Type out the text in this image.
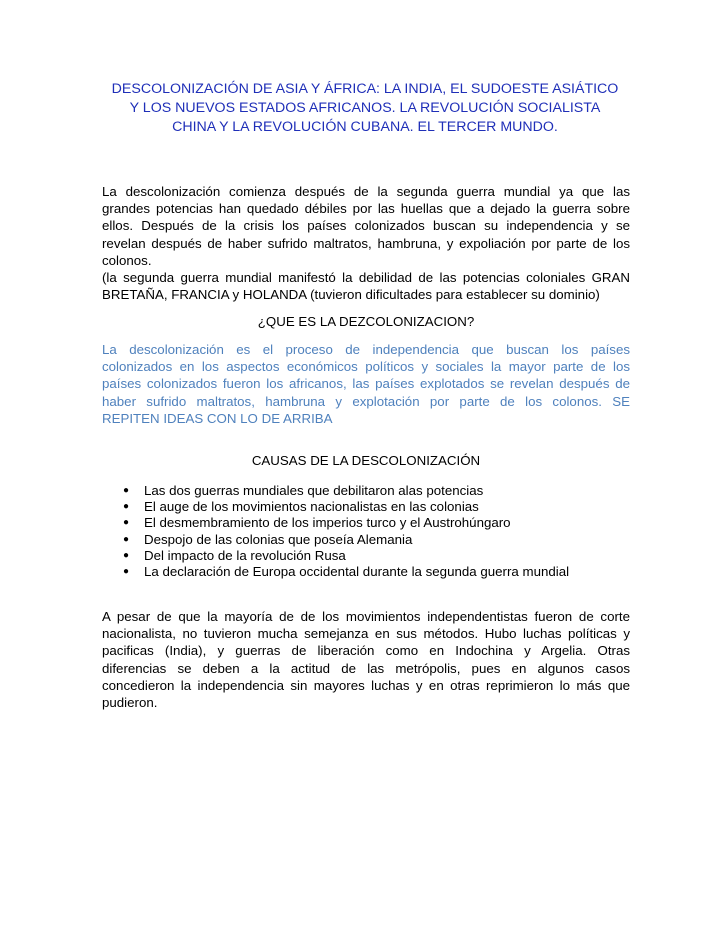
DESCOLONIZACIÓN DE ASIA Y ÁFRICA: LA INDIA, EL SUDOESTE ASIÁTICO
Y LOS NUEVOS ESTADOS AFRICANOS. LA REVOLUCIÓN SOCIALISTA
CHINA Y LA REVOLUCIÓN CUBANA. EL TERCER MUNDO.

La descolonización comienza después de la segunda guerra mundial ya que las
grandes potencias han quedado débiles por las huellas que a dejado la guerra sobre
ellos. Después de la crisis los países colonizados buscan su independencia y se
revelan después de haber sufrido maltratos, hambruna, y expoliación por parte de los
colonos.
(la segunda guerra mundial manifestó la debilidad de las potencias coloniales GRAN
BRETAÑA, FRANCIA y HOLANDA (tuvieron dificultades para establecer su dominio)

¿QUE ES LA DEZCOLONIZACION?

La descolonización es el proceso de independencia que buscan los países
colonizados en los aspectos económicos políticos y sociales la mayor parte de los
países colonizados fueron los africanos, las países explotados se revelan después de
haber sufrido maltratos, hambruna y explotación por parte de los colonos. SE
REPITEN IDEAS CON LO DE ARRIBA

CAUSAS DE LA DESCOLONIZACIÓN
● Las dos guerras mundiales que debilitaron alas potencias
● El auge de los movimientos nacionalistas en las colonias
● El desmembramiento de los imperios turco y el Austrohúngaro
● Despojo de las colonias que poseía Alemania
● Del impacto de la revolución Rusa
● La declaración de Europa occidental durante la segunda guerra mundial

A pesar de que la mayoría de de los movimientos independentistas fueron de corte
nacionalista, no tuvieron mucha semejanza en sus métodos. Hubo luchas políticas y
pacificas (India), y guerras de liberación como en Indochina y Argelia. Otras
diferencias se deben a la actitud de las metrópolis, pues en algunos casos
concedieron la independencia sin mayores luchas y en otras reprimieron lo más que
pudieron.
